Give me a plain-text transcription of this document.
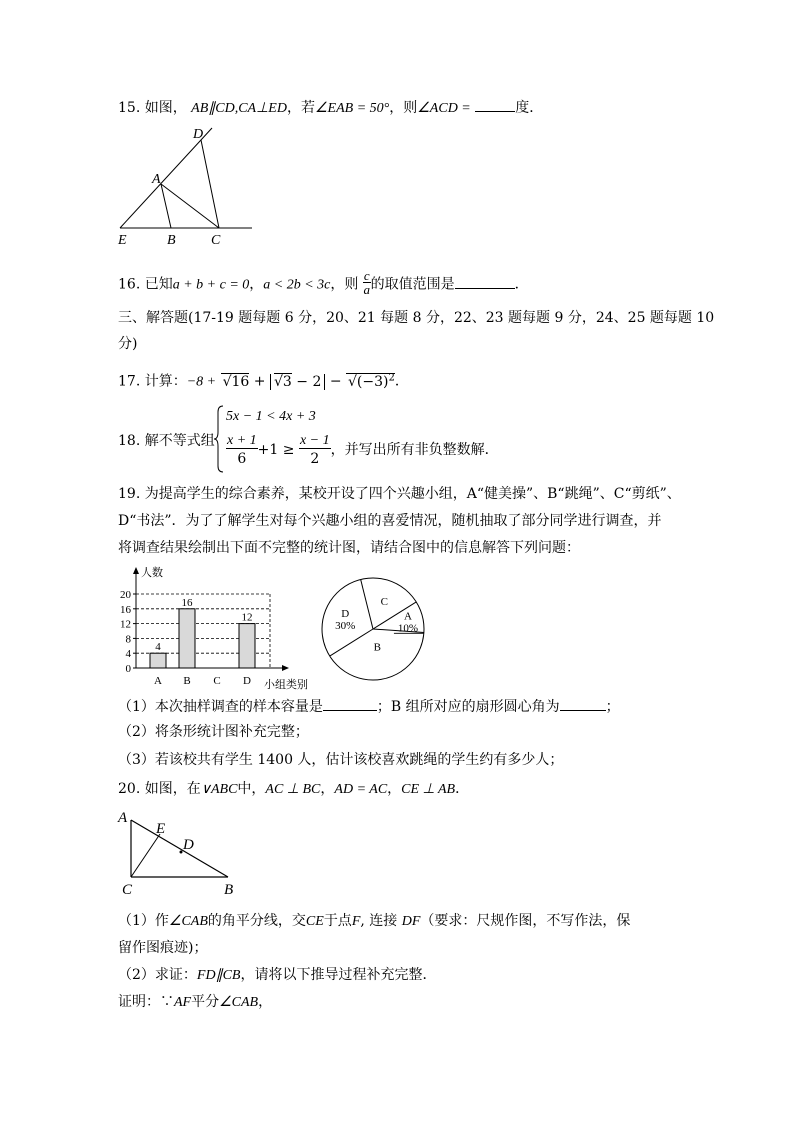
15. 如图， AB∥CD,CA⊥ED，若∠EAB = 50°，则∠ACD =	度．
D
A
E	B	C
16. 已知a + b + c = 0，a < 2b < 3c，则 $\frac{c}{a}$ 的取值范围是	．
三、解答题(17-19 题每题 6 分，20、21 每题 8 分，22、23 题每题 9 分，24、25 题每题 10
分)
17. 计算：$-8 + √16 + √3 - 2 - √(-3)^2$．
18. 解不等式组
5x − 1 < 4x + 3
$\frac{x + 1}{6} +1 \ge \frac{x - 1}{2}$ ，并写出所有非负整数解．
19. 为提高学生的综合素养，某校开设了四个兴趣小组，A“健美操”、B“跳绳”、C“剪纸”、
D“书法”．为了了解学生对每个兴趣小组的喜爱情况，随机抽取了部分同学进行调查，并
将调查结果绘制出下面不完整的统计图，请结合图中的信息解答下列问题：
0
4
8
12
16
20
A B C D
4
16
12
人数
小组类别
A
10%
B
C
D
30%
（1）本次抽样调查的样本容量是	；B 组所对应的扇形圆心角为	；
（2）将条形统计图补充完整；
（3）若该校共有学生 1400 人，估计该校喜欢跳绳的学生约有多少人；
20. 如图，在∨ABC中，AC ⊥ BC，AD = AC，CE ⊥ AB．
A
E
D
C	B
（1）作∠CAB的角平分线，交CE于点F, 连接 DF（要求：尺规作图，不写作法，保
留作图痕迹)；
（2）求证：FD∥CB，请将以下推导过程补充完整．
证明：∵AF平分∠CAB，
